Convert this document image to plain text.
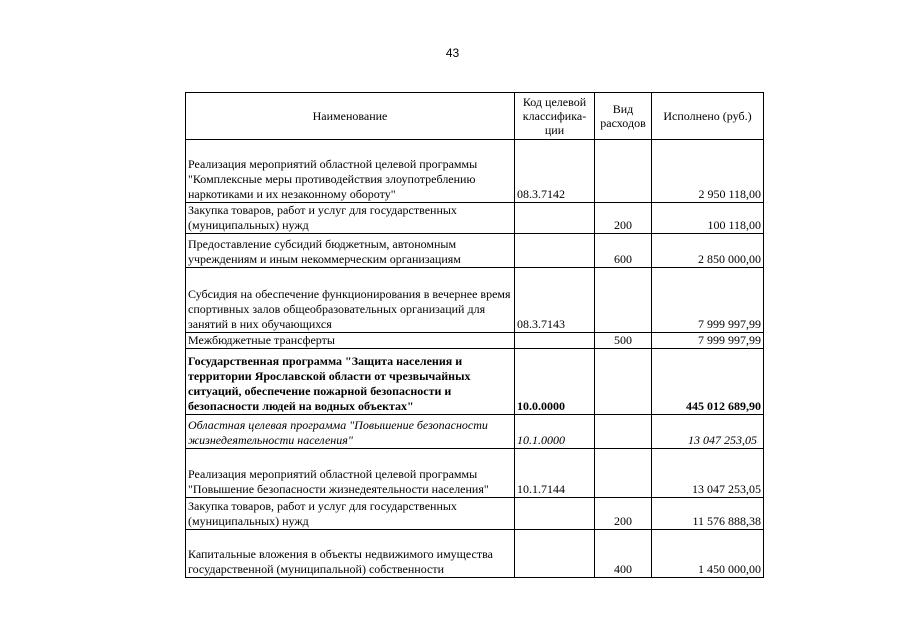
43
Наименование	Код целевой классифика-ции	Вид расходов	Исполнено (руб.)

Реализация мероприятий областной целевой программы "Комплексные меры противодействия злоупотреблению наркотиками и их незаконному обороту"	08.3.7142		2 950 118,00

Закупка товаров, работ и услуг для государственных (муниципальных) нужд		200	100 118,00

Предоставление субсидий бюджетным, автономным учреждениям и иным некоммерческим организациям		600	2 850 000,00

Субсидия на обеспечение функционирования в вечернее время спортивных залов общеобразовательных организаций для занятий в них обучающихся	08.3.7143		7 999 997,99

Межбюджетные трансферты		500	7 999 997,99

Государственная программа "Защита населения и территории Ярославской области от чрезвычайных ситуаций, обеспечение пожарной безопасности и безопасности людей на водных объектах"	10.0.0000		445 012 689,90

Областная целевая программа "Повышение безопасности жизнедеятельности населения"	10.1.0000		13 047 253,05

Реализация мероприятий областной целевой программы "Повышение безопасности жизнедеятельности населения"	10.1.7144		13 047 253,05

Закупка товаров, работ и услуг для государственных (муниципальных) нужд		200	11 576 888,38

Капитальные вложения в объекты недвижимого имущества государственной (муниципальной) собственности		400	1 450 000,00
